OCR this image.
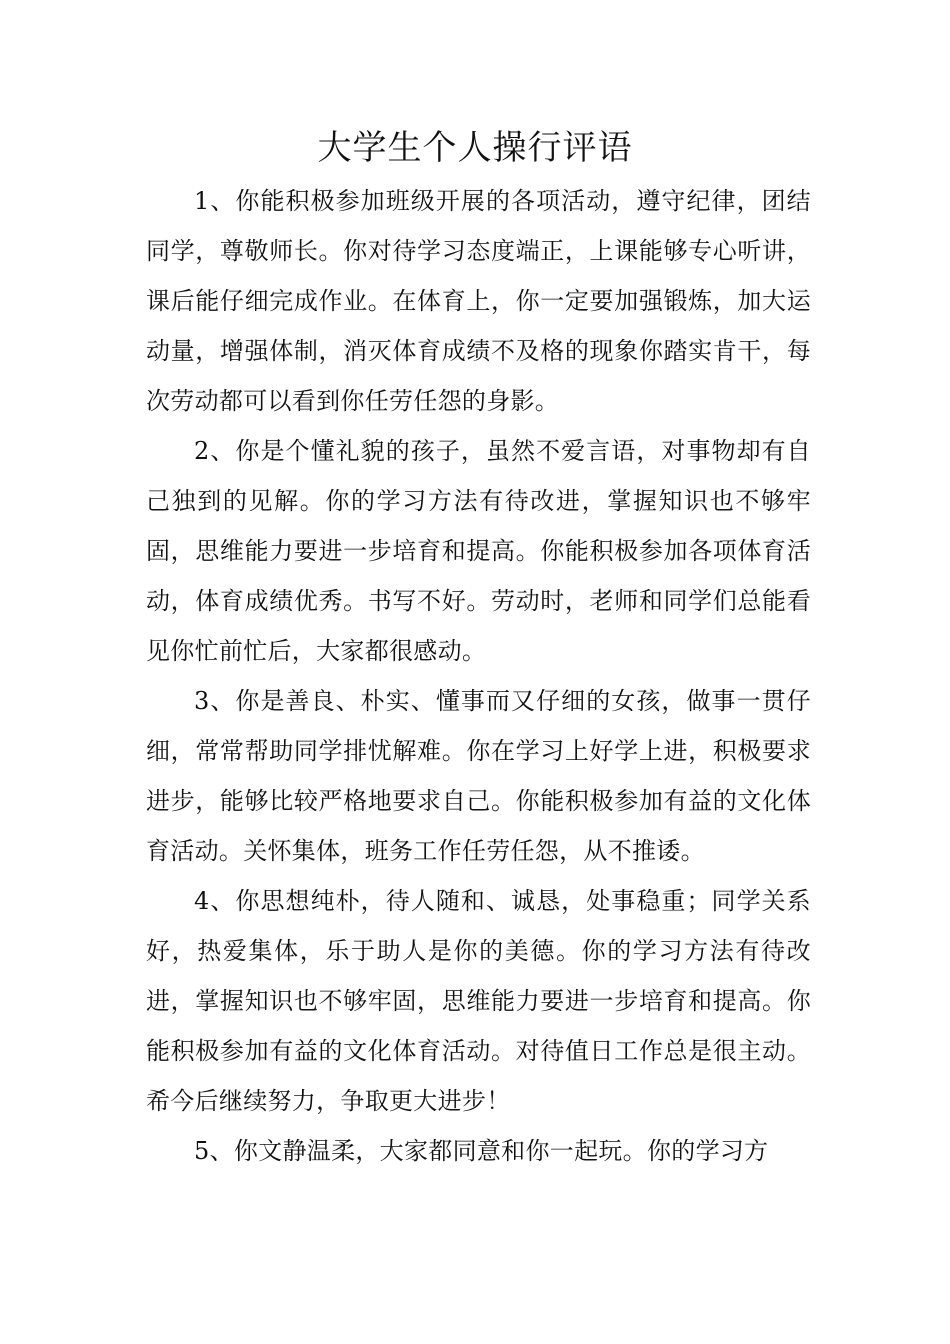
大学生个人操行评语

1、你能积极参加班级开展的各项活动，遵守纪律，团结同学，尊敬师长。你对待学习态度端正，上课能够专心听讲，课后能仔细完成作业。在体育上，你一定要加强锻炼，加大运动量，增强体制，消灭体育成绩不及格的现象你踏实肯干，每次劳动都可以看到你任劳任怨的身影。

2、你是个懂礼貌的孩子，虽然不爱言语，对事物却有自己独到的见解。你的学习方法有待改进，掌握知识也不够牢固，思维能力要进一步培育和提高。你能积极参加各项体育活动，体育成绩优秀。书写不好。劳动时，老师和同学们总能看见你忙前忙后，大家都很感动。

3、你是善良、朴实、懂事而又仔细的女孩，做事一贯仔细，常常帮助同学排忧解难。你在学习上好学上进，积极要求进步，能够比较严格地要求自己。你能积极参加有益的文化体育活动。关怀集体，班务工作任劳任怨，从不推诿。

4、你思想纯朴，待人随和、诚恳，处事稳重；同学关系好，热爱集体，乐于助人是你的美德。你的学习方法有待改进，掌握知识也不够牢固，思维能力要进一步培育和提高。你能积极参加有益的文化体育活动。对待值日工作总是很主动。希今后继续努力，争取更大进步！

5、你文静温柔，大家都同意和你一起玩。你的学习方
